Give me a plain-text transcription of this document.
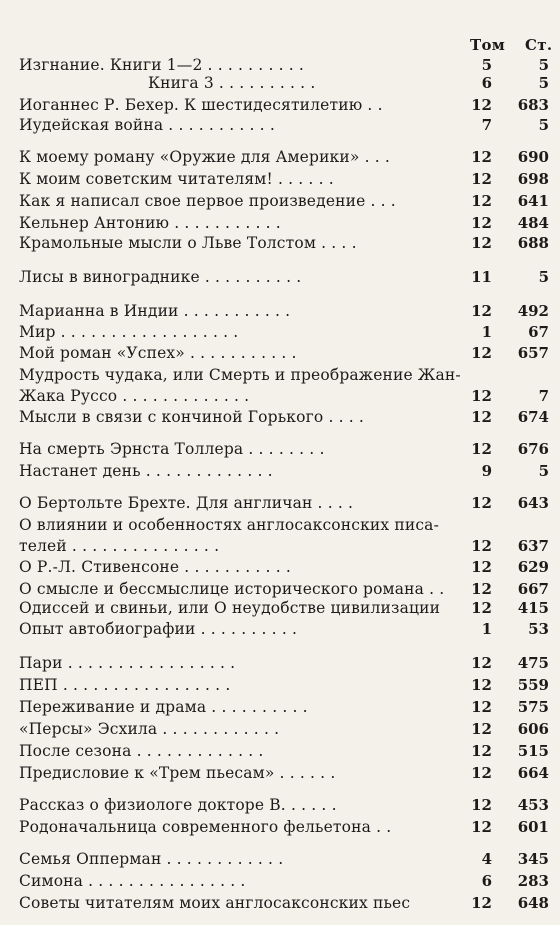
Том Ст.
Изгнание. Книги 1—2 . . . . . . . . . .	5	5
Книга 3 . . . . . . . . . .	6	5
Иоганнес Р. Бехер. К шестидесятилетию . .	12	683
Иудейская война . . . . . . . . . . .	7	5
К моему роману «Оружие для Америки» . . .	12	690
К моим советским читателям! . . . . . .	12	698
Как я написал свое первое произведение . . .	12	641
Кельнер Антонию . . . . . . . . . . .	12	484
Крамольные мысли о Льве Толстом . . . .	12	688
Лисы в винограднике . . . . . . . . . .	11	5
Марианна в Индии . . . . . . . . . . .	12	492
Мир . . . . . . . . . . . . . . . . . .	1	67
Мой роман «Успех» . . . . . . . . . . .	12	657
Мудрость чудака, или Смерть и преображение Жан-
Жака Руссо . . . . . . . . . . . . .	12	7
Мысли в связи с кончиной Горького . . . .	12	674
На смерть Эрнста Толлера . . . . . . . .	12	676
Настанет день . . . . . . . . . . . . .	9	5
О Бертольте Брехте. Для англичан . . . .	12	643
О влиянии и особенностях англосаксонских писа-
телей . . . . . . . . . . . . . . .	12	637
О Р.-Л. Стивенсоне . . . . . . . . . . .	12	629
О смысле и бессмыслице исторического романа . .	12	667
Одиссей и свиньи, или О неудобстве цивилизации	12	415
Опыт автобиографии . . . . . . . . . .	1	53
Пари . . . . . . . . . . . . . . . . .	12	475
ПЕП . . . . . . . . . . . . . . . . .	12	559
Переживание и драма . . . . . . . . . .	12	575
«Персы» Эсхила . . . . . . . . . . . .	12	606
После сезона . . . . . . . . . . . . .	12	515
Предисловие к «Трем пьесам» . . . . . .	12	664
Рассказ о физиологе докторе В. . . . . .	12	453
Родоначальница современного фельетона . .	12	601
Семья Опперман . . . . . . . . . . . .	4	345
Симона . . . . . . . . . . . . . . . .	6	283
Советы читателям моих англосаксонских пьес	12	648
